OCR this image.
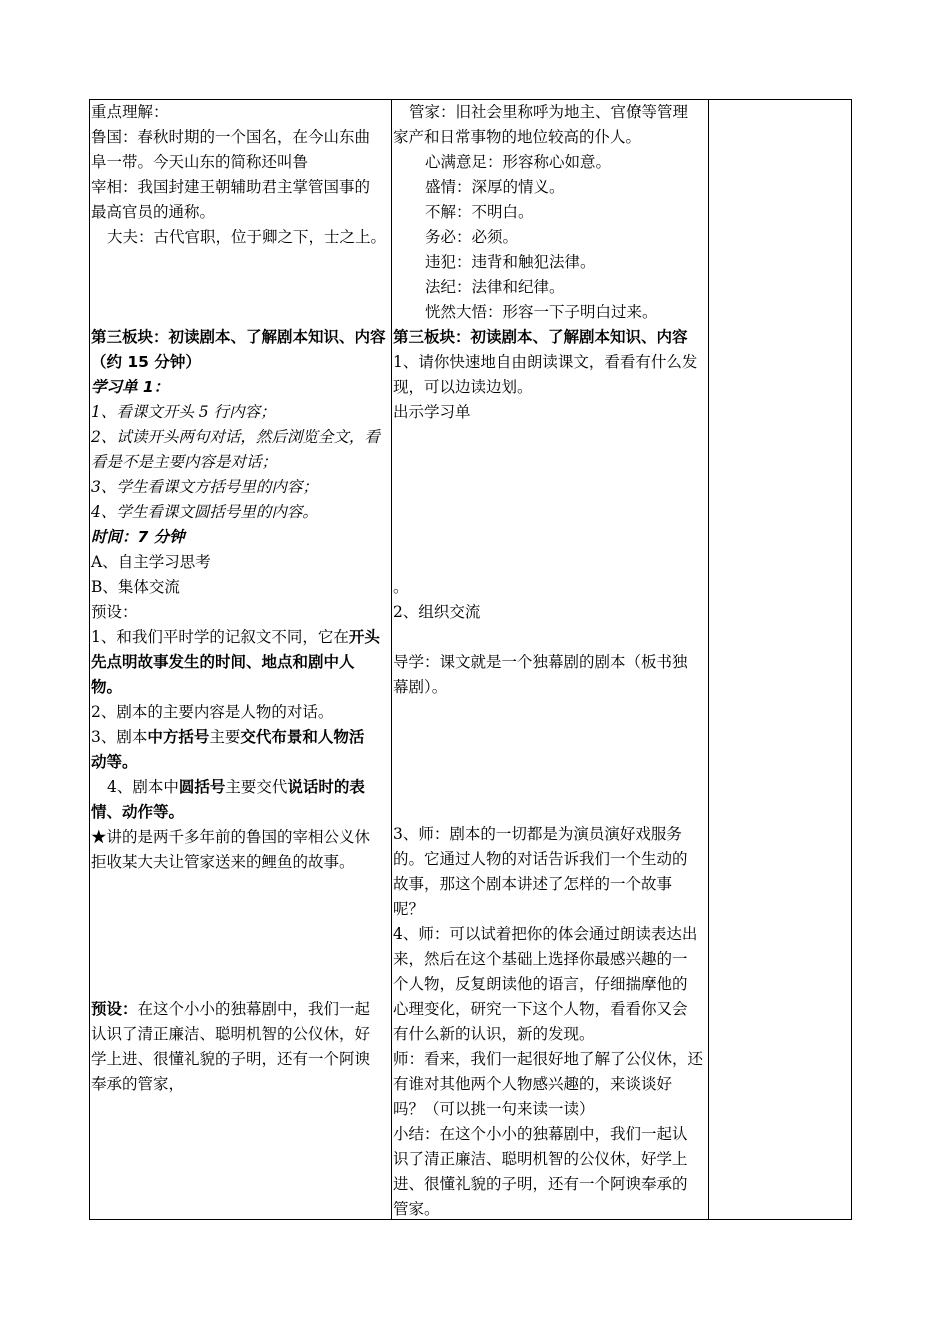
重点理解：
鲁国：春秋时期的一个国名，在今山东曲
阜一带。今天山东的简称还叫鲁
宰相：我国封建王朝辅助君主掌管国事的
最高官员的通称。
大夫：古代官职，位于卿之下，士之上。
第三板块：初读剧本、了解剧本知识、内容
（约 15 分钟）
学习单 1：
1、看课文开头 5 行内容；
2、试读开头两句对话，然后浏览全文，看
看是不是主要内容是对话；
3、学生看课文方括号里的内容；
4、学生看课文圆括号里的内容。
时间：7 分钟
A、自主学习思考
B、集体交流
预设：
1、和我们平时学的记叙文不同，它在开头
先点明故事发生的时间、地点和剧中人
物。
2、剧本的主要内容是人物的对话。
3、剧本中方括号主要交代布景和人物活
动等。
4、剧本中圆括号主要交代说话时的表
情、动作等。
★讲的是两千多年前的鲁国的宰相公义休
拒收某大夫让管家送来的鲤鱼的故事。
预设：在这个小小的独幕剧中，我们一起
认识了清正廉洁、聪明机智的公仪休，好
学上进、很懂礼貌的子明，还有一个阿谀
奉承的管家，
管家：旧社会里称呼为地主、官僚等管理
家产和日常事物的地位较高的仆人。
心满意足：形容称心如意。
盛情：深厚的情义。
不解：不明白。
务必：必须。
违犯：违背和触犯法律。
法纪：法律和纪律。
恍然大悟：形容一下子明白过来。
第三板块：初读剧本、了解剧本知识、内容
1、请你快速地自由朗读课文，看看有什么发
现，可以边读边划。
出示学习单
。
2、组织交流
导学：课文就是一个独幕剧的剧本（板书独
幕剧）。
3、师：剧本的一切都是为演员演好戏服务
的。它通过人物的对话告诉我们一个生动的
故事，那这个剧本讲述了怎样的一个故事
呢？
4、师：可以试着把你的体会通过朗读表达出
来，然后在这个基础上选择你最感兴趣的一
个人物，反复朗读他的语言，仔细揣摩他的
心理变化，研究一下这个人物，看看你又会
有什么新的认识，新的发现。
师：看来，我们一起很好地了解了公仪休，还
有谁对其他两个人物感兴趣的，来谈谈好
吗？（可以挑一句来读一读）
小结：在这个小小的独幕剧中，我们一起认
识了清正廉洁、聪明机智的公仪休，好学上
进、很懂礼貌的子明，还有一个阿谀奉承的
管家。
